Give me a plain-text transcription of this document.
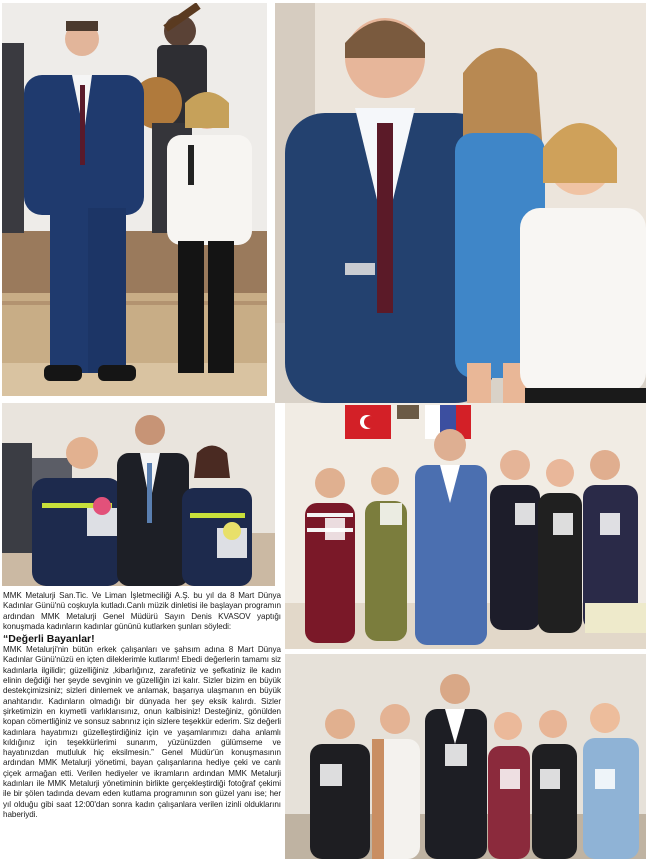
MMK Metalurji San.Tic. Ve Liman İşletmeciliği A.Ş. bu yıl da 8 Mart Dünya Kadınlar Günü'nü coşkuyla kutladı.Canlı müzik dinletisi ile başlayan programın ardından MMK Metalurji Genel Müdürü Sayın Denis KVASOV yaptığı konuşmada kadınların kadınlar gününü kutlarken şunları söyledi:

“Değerli Bayanlar!

MMK Metalurji'nin bütün erkek çalışanları ve şahsım adına 8 Mart Dünya Kadınlar Günü'nüzü en içten dileklerimle kutlarım! Ebedi değerlerin tamamı siz kadınlarla ilgilidir; güzelliğiniz ,kibarlığınız, zarafetiniz ve şefkatiniz ile kadın elinin değdiği her şeyde sevginin ve güzelliğin izi kalır. Sizler bizim en büyük destekçimizsiniz; sizleri dinlemek ve anlamak, başarıya ulaşmanın en büyük anahtarıdır. Kadınların olmadığı bir dünyada her şey eksik kalırdı. Sizler şirketimizin en kıymetli varlıklarısınız, onun kalbisiniz! Desteğiniz, gönülden kopan cömertliğiniz ve sonsuz sabrınız için sizlere teşekkür ederim. Siz değerli kadınlara hayatımızı güzelleştirdiğiniz için ve yaşamlarımızı daha anlamlı kıldığınız için teşekkürlerimi sunarım, yüzünüzden gülümseme ve hayatınızdan mutluluk hiç eksilmesin.” Genel Müdür'ün konuşmasının ardından MMK Metalurji yönetimi, bayan çalışanlarına hediye çeki ve canlı çiçek armağan etti. Verilen hediyeler ve ikramların ardından MMK Metalurji kadınları ile MMK Metalurji yönetiminin birlikte gerçekleştirdiği fotoğraf çekimi ile bir şölen tadında devam eden kutlama programının son güzel yanı ise; her yıl olduğu gibi saat 12:00'dan sonra kadın çalışanlara verilen izinli olduklarını haberiydi.
